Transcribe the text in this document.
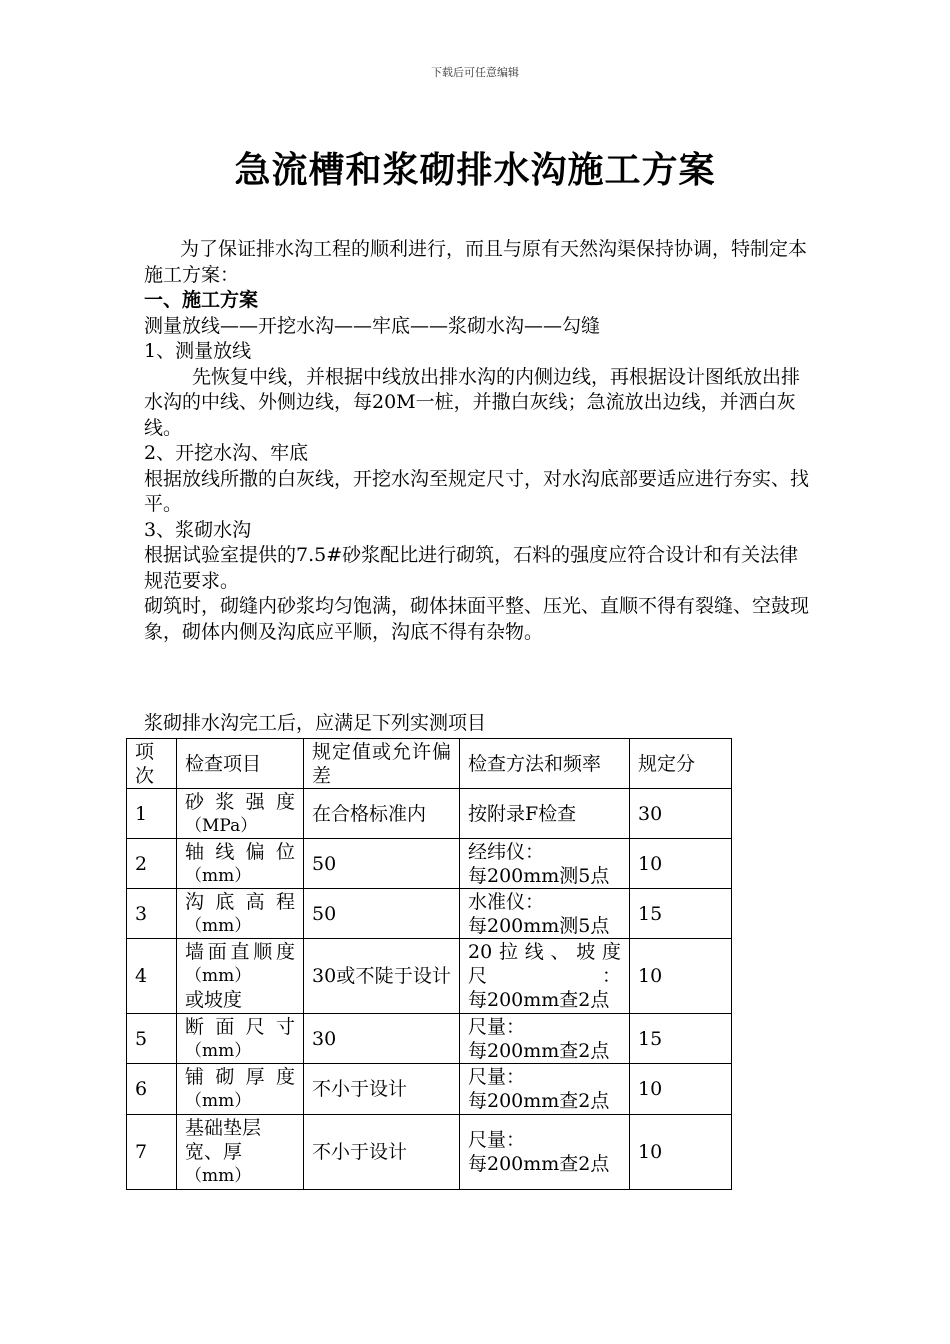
下载后可任意编辑
急流槽和浆砌排水沟施工方案

为了保证排水沟工程的顺利进行，而且与原有天然沟渠保持协调，特制定本施工方案：

一、施工方案

测量放线——开挖水沟——牢底——浆砌水沟——勾缝

1、测量放线

先恢复中线，并根据中线放出排水沟的内侧边线，再根据设计图纸放出排水沟的中线、外侧边线，每20M一桩，并撒白灰线；急流放出边线，并洒白灰线。

2、开挖水沟、牢底

根据放线所撒的白灰线，开挖水沟至规定尺寸，对水沟底部要适应进行夯实、找平。

3、浆砌水沟

根据试验室提供的7.5#砂浆配比进行砌筑，石料的强度应符合设计和有关法律规范要求。

砌筑时，砌缝内砂浆均匀饱满，砌体抹面平整、压光、直顺不得有裂缝、空鼓现象，砌体内侧及沟底应平顺，沟底不得有杂物。

浆砌排水沟完工后，应满足下列实测项目
项次	检查项目	规定值或允许偏差	检查方法和频率	规定分
1	砂浆强度
（MPa）	在合格标准内	按附录F检查	30
2	轴线偏位
（mm）	50	经纬仪：
每200mm测5点	10
3	沟底高程
（mm）	50	水准仪：
每200mm测5点	15
4	墙面直顺度
（mm）
或坡度	30或不陡于设计	20拉线、坡度尺：
每200mm查2点	10
5	断面尺寸
（mm）	30	尺量：
每200mm查2点	15
6	铺砌厚度
（mm）	不小于设计	尺量：
每200mm查2点	10
7	基础垫层宽、厚
（mm）	不小于设计	尺量：
每200mm查2点	10
